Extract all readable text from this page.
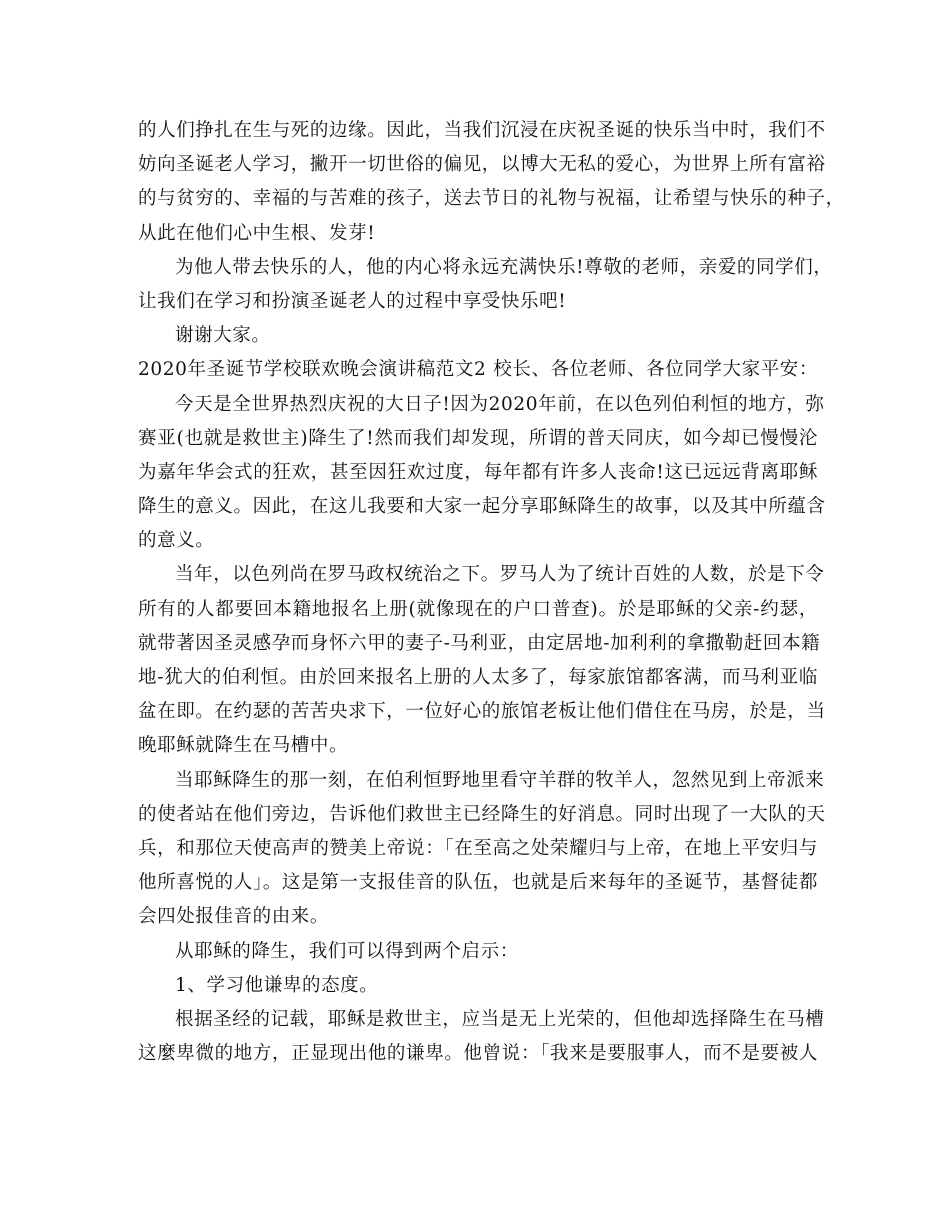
的人们挣扎在生与死的边缘。因此，当我们沉浸在庆祝圣诞的快乐当中时，我们不
妨向圣诞老人学习，撇开一切世俗的偏见，以博大无私的爱心，为世界上所有富裕
的与贫穷的、幸福的与苦难的孩子，送去节日的礼物与祝福，让希望与快乐的种子，
从此在他们心中生根、发芽!
为他人带去快乐的人，他的内心将永远充满快乐!尊敬的老师，亲爱的同学们，
让我们在学习和扮演圣诞老人的过程中享受快乐吧!
谢谢大家。
2020年圣诞节学校联欢晚会演讲稿范文2 校长、各位老师、各位同学大家平安：
今天是全世界热烈庆祝的大日子!因为2020年前，在以色列伯利恒的地方，弥
赛亚(也就是救世主)降生了!然而我们却发现，所谓的普天同庆，如今却已慢慢沦
为嘉年华会式的狂欢，甚至因狂欢过度，每年都有许多人丧命!这已远远背离耶稣
降生的意义。因此，在这儿我要和大家一起分享耶稣降生的故事，以及其中所蕴含
的意义。
当年，以色列尚在罗马政权统治之下。罗马人为了统计百姓的人数，於是下令
所有的人都要回本籍地报名上册(就像现在的户口普查)。於是耶稣的父亲-约瑟，
就带著因圣灵感孕而身怀六甲的妻子-马利亚，由定居地-加利利的拿撒勒赶回本籍
地-犹大的伯利恒。由於回来报名上册的人太多了，每家旅馆都客满，而马利亚临
盆在即。在约瑟的苦苦央求下，一位好心的旅馆老板让他们借住在马房，於是，当
晚耶稣就降生在马槽中。
当耶稣降生的那一刻，在伯利恒野地里看守羊群的牧羊人，忽然见到上帝派来
的使者站在他们旁边，告诉他们救世主已经降生的好消息。同时出现了一大队的天
兵，和那位天使高声的赞美上帝说：「在至高之处荣耀归与上帝，在地上平安归与
他所喜悦的人」。这是第一支报佳音的队伍，也就是后来每年的圣诞节，基督徒都
会四处报佳音的由来。
从耶稣的降生，我们可以得到两个启示：
1、学习他谦卑的态度。
根据圣经的记载，耶稣是救世主，应当是无上光荣的，但他却选择降生在马槽
这麼卑微的地方，正显现出他的谦卑。他曾说：「我来是要服事人，而不是要被人
